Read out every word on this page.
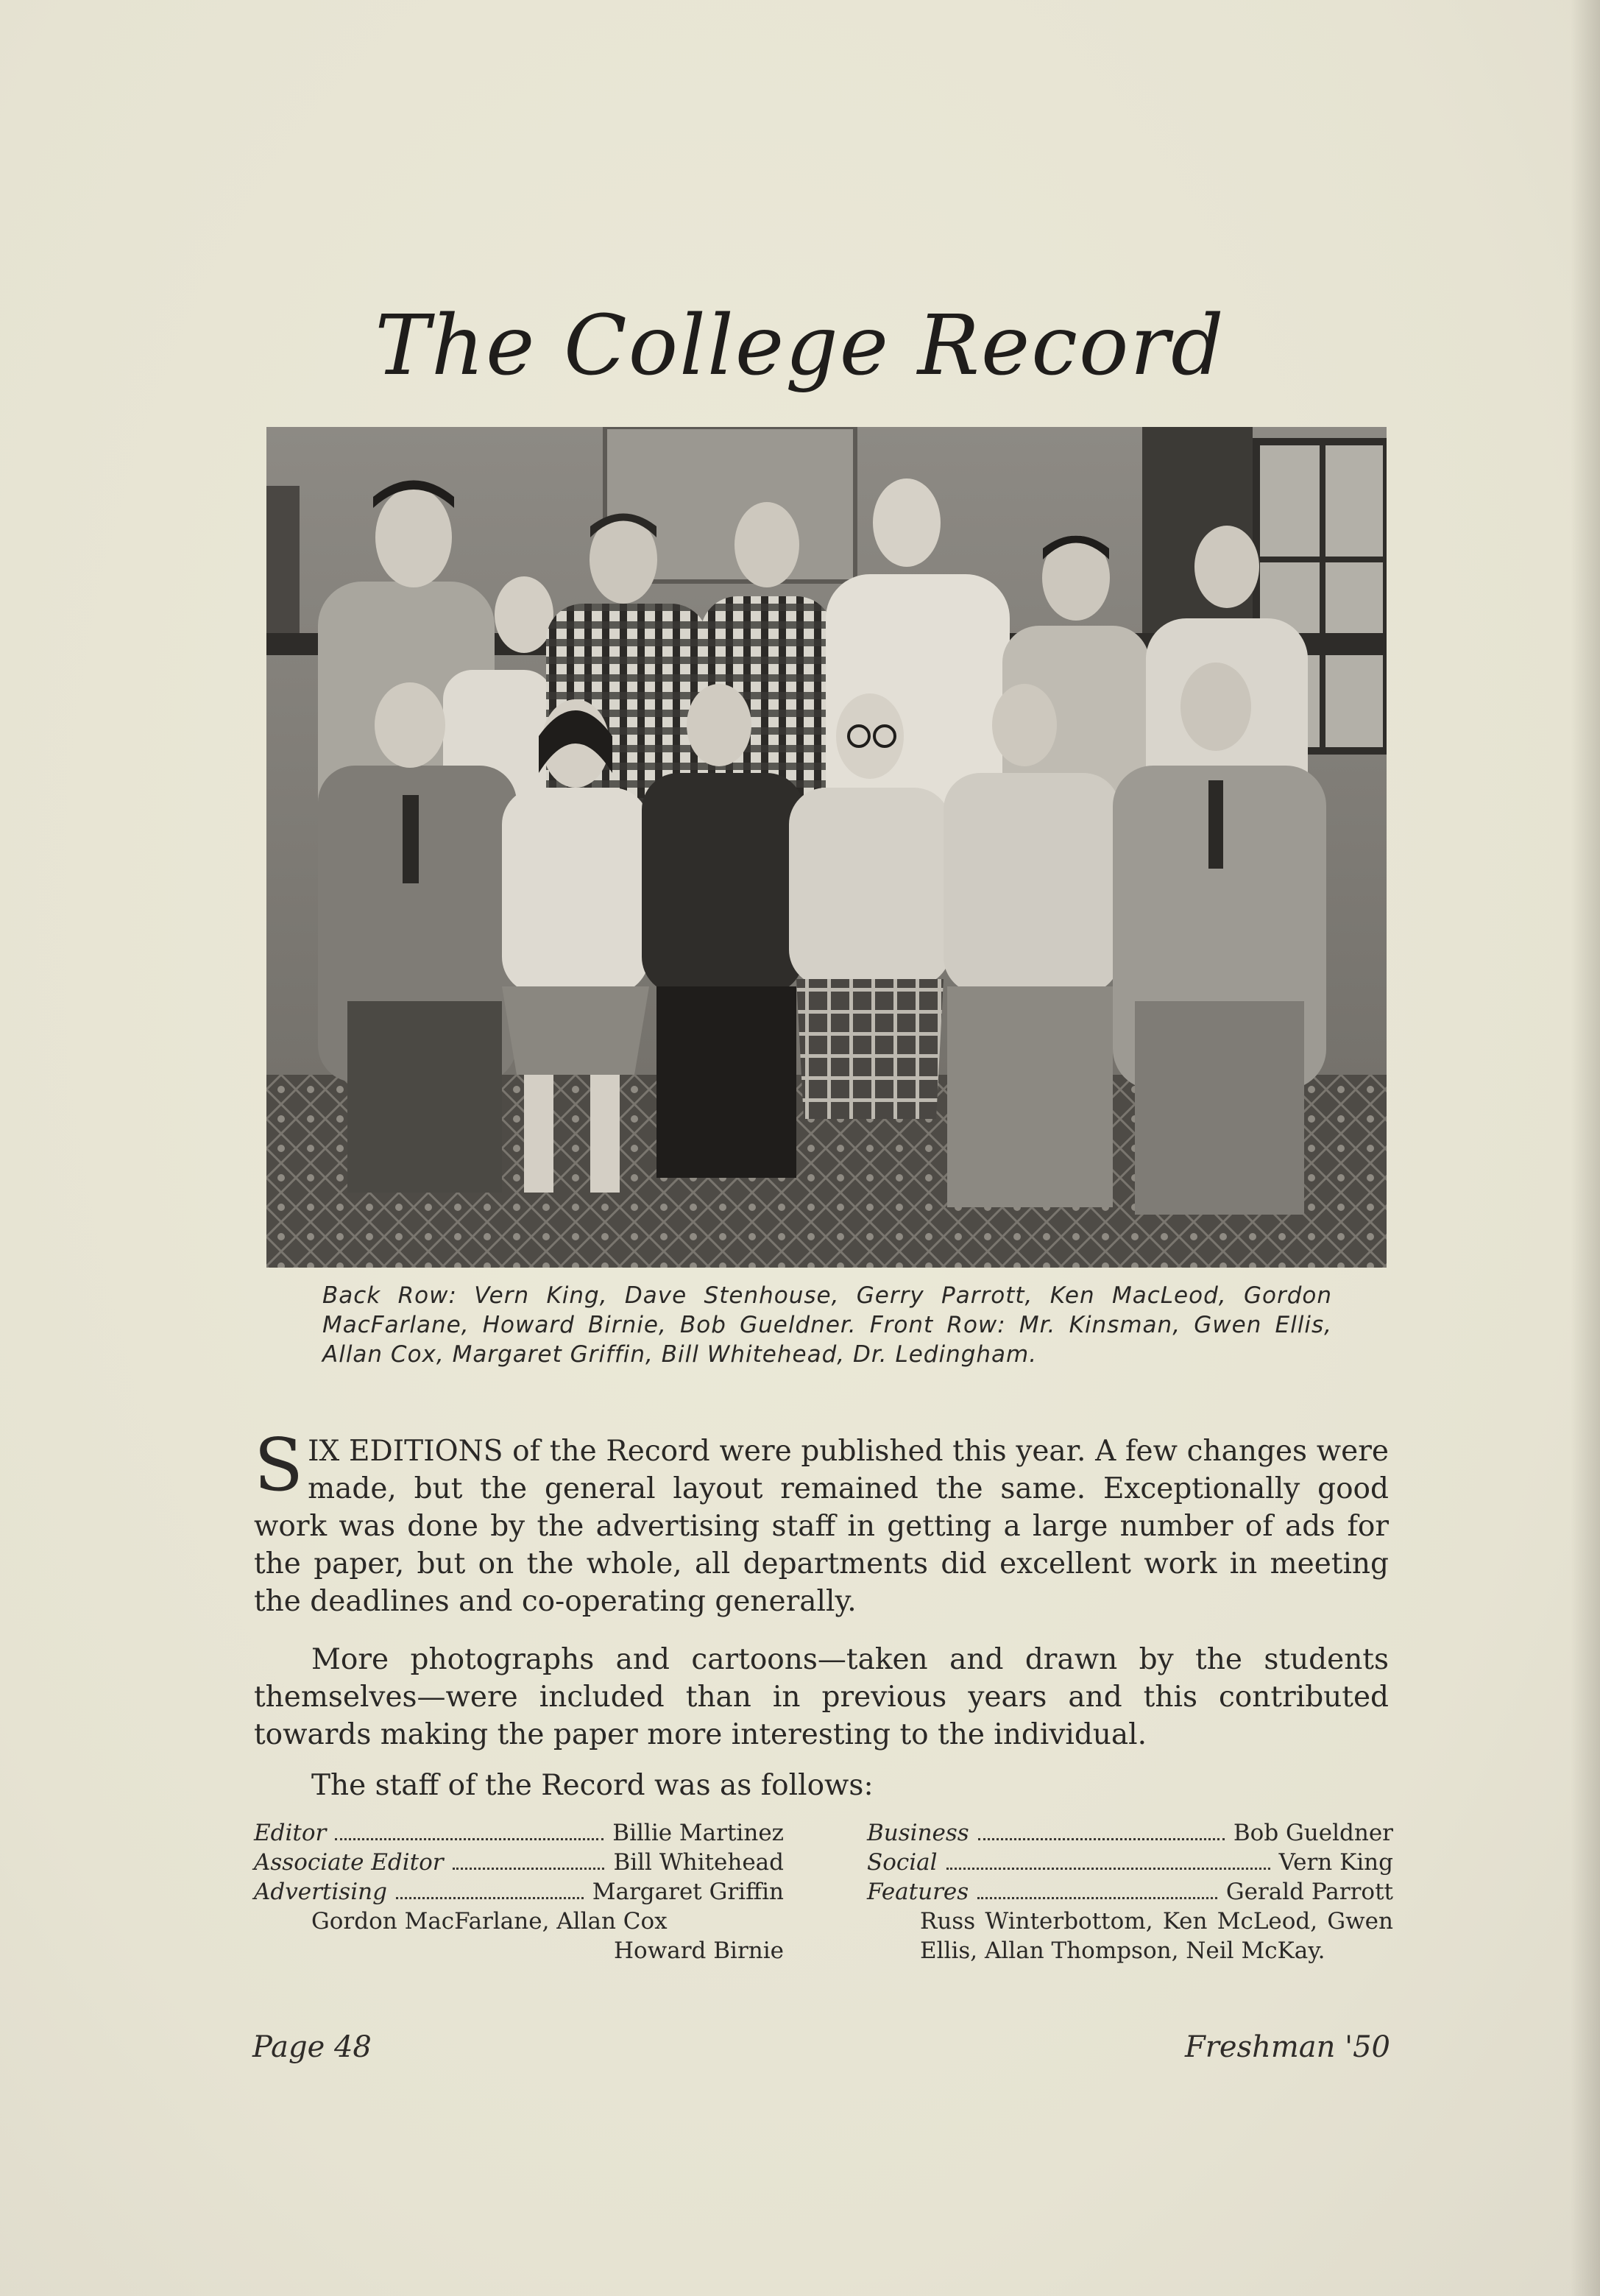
The College Record
Back Row: Vern King, Dave Stenhouse, Gerry Parrott, Ken MacLeod, Gordon MacFarlane, Howard Birnie, Bob Gueldner. Front Row: Mr. Kinsman, Gwen Ellis, Allan Cox, Margaret Griffin, Bill Whitehead, Dr. Ledingham.
SIX EDITIONS of the Record were published this year. A few changes were made, but the general layout remained the same. Exceptionally good work was done by the advertising staff in getting a large number of ads for the paper, but on the whole, all departments did excellent work in meeting the deadlines and co-operating generally.
More photographs and cartoons—taken and drawn by the students themselves—were included than in previous years and this contributed towards making the paper more interesting to the individual.
The staff of the Record was as follows:
Editor	Billie Martinez
Associate Editor	Bill Whitehead
Advertising	Margaret Griffin
Gordon MacFarlane, Allan Cox
Howard Birnie
Business	Bob Gueldner
Social	Vern King
Features	Gerald Parrott
Russ Winterbottom, Ken McLeod, Gwen Ellis, Allan Thompson, Neil McKay.
Page 48	Freshman '50
